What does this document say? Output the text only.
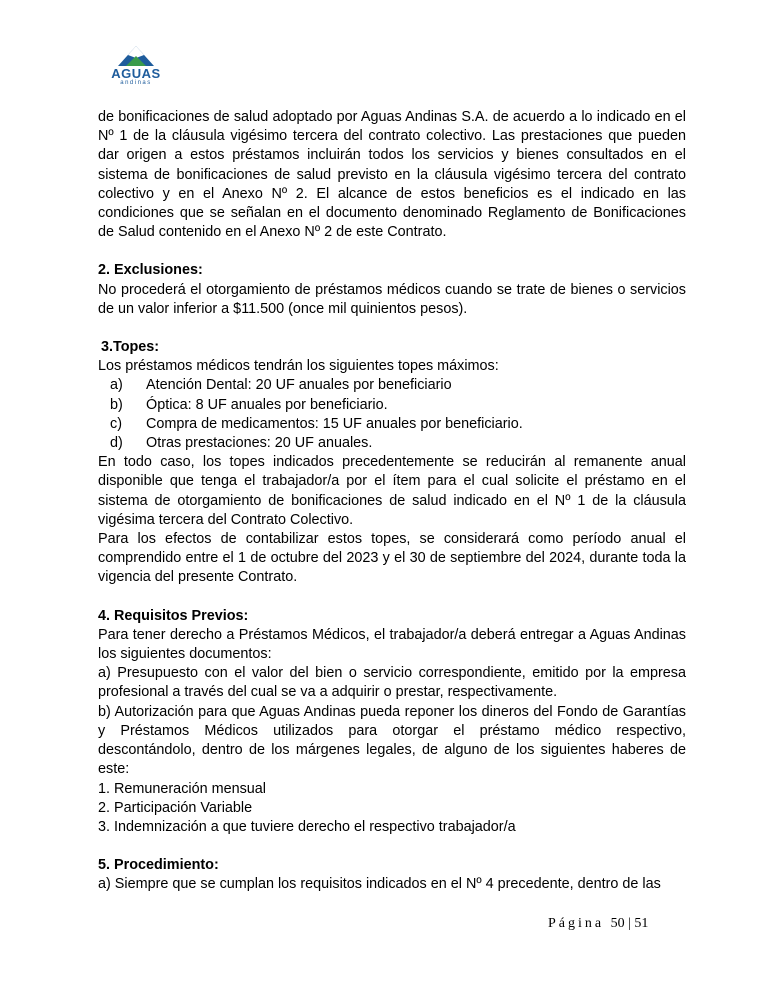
AGUAS
andinas

de bonificaciones de salud adoptado por Aguas Andinas S.A. de acuerdo a lo indicado en el Nº 1 de la cláusula vigésimo tercera del contrato colectivo. Las prestaciones que pueden dar origen a estos préstamos incluirán todos los servicios y bienes consultados en el sistema de bonificaciones de salud previsto en la cláusula vigésimo tercera del contrato colectivo y en el Anexo Nº 2. El alcance de estos beneficios es el indicado en las condiciones que se señalan en el documento denominado Reglamento de Bonificaciones de Salud contenido en el Anexo Nº 2 de este Contrato.

2. Exclusiones:

No procederá el otorgamiento de préstamos médicos cuando se trate de bienes o servicios de un valor inferior a $11.500 (once mil quinientos pesos).

3.Topes:

Los préstamos médicos tendrán los siguientes topes máximos:

a)	Atención Dental: 20 UF anuales por beneficiario
b)	Óptica: 8 UF anuales por beneficiario.
c)	Compra de medicamentos: 15 UF anuales por beneficiario.
d)	Otras prestaciones: 20 UF anuales.

En todo caso, los topes indicados precedentemente se reducirán al remanente anual disponible que tenga el trabajador/a por el ítem para el cual solicite el préstamo en el sistema de otorgamiento de bonificaciones de salud indicado en el Nº 1 de la cláusula vigésima tercera del Contrato Colectivo.

Para los efectos de contabilizar estos topes, se considerará como período anual el comprendido entre el 1 de octubre del 2023 y el 30 de septiembre del 2024, durante toda la vigencia del presente Contrato.

4. Requisitos Previos:

Para tener derecho a Préstamos Médicos, el trabajador/a deberá entregar a Aguas Andinas los siguientes documentos:

a) Presupuesto con el valor del bien o servicio correspondiente, emitido por la empresa profesional a través del cual se va a adquirir o prestar, respectivamente.

b) Autorización para que Aguas Andinas pueda reponer los dineros del Fondo de Garantías y Préstamos Médicos utilizados para otorgar el préstamo médico respectivo, descontándolo, dentro de los márgenes legales, de alguno de los siguientes haberes de este:

1. Remuneración mensual

2. Participación Variable

3. Indemnización a que tuviere derecho el respectivo trabajador/a

5. Procedimiento:

a) Siempre que se cumplan los requisitos indicados en el Nº 4 precedente, dentro de las

Página 50 | 51
